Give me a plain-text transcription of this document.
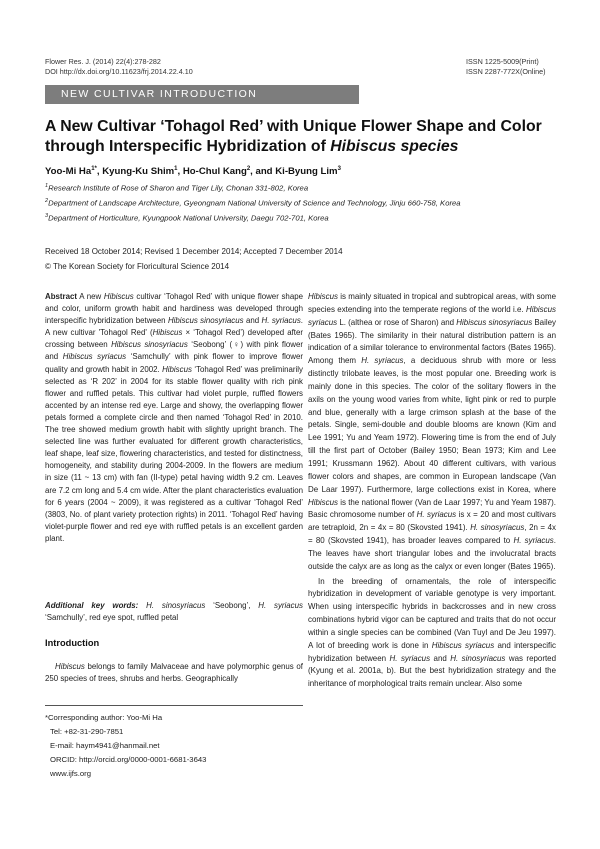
Flower Res. J. (2014) 22(4):278-282
DOI http://dx.doi.org/10.11623/frj.2014.22.4.10
ISSN 1225-5009(Print)
ISSN 2287-772X(Online)
NEW CULTIVAR INTRODUCTION
A New Cultivar ‘Tohagol Red’ with Unique Flower Shape and Color
through Interspecific Hybridization of Hibiscus species
Yoo-Mi $Ha^{1*}$, Kyung-Ku Shim$^1$, Ho-Chul Kang$^2$, and Ki-Byung Lim$^3$
$^1$Research Institute of Rose of Sharon and Tiger Lily, Chonan 331-802, Korea
$^2$Department of Landscape Architecture, Gyeongnam National University of Science and Technology, Jinju 660-758, Korea
$^3$Department of Horticulture, Kyungpook National University, Daegu 702-701, Korea
Received 18 October 2014; Revised 1 December 2014; Accepted 7 December 2014
© The Korean Society for Floricultural Science 2014

Abstract A new Hibiscus cultivar ‘Tohagol Red’ with unique flower shape and color, uniform growth habit and hardiness was developed through interspecific hybridization between Hibiscus sinosyriacus and H. syriacus. A new cultivar 'Tohagol Red' (Hibiscus × ‘Tohagol Red’) developed after crossing between Hibiscus sinosyriacus ‘Seobong’ (♀) with pink flower and Hibiscus syriacus ‘Samchully’ with pink flower to improve flower quality and growth habit in 2002. Hibiscus ‘Tohagol Red’ was preliminarily selected as ‘R 202’ in 2004 for its stable flower quality with rich pink flower and ruffled petals. This cultivar had violet purple, ruffled flowers accented by an intense red eye. Large and showy, the overlapping flower petals formed a complete circle and then named ‘Tohagol Red’ in 2010. The tree showed medium growth habit with slightly upright branch. The selected line was further evaluated for different growth characteristics, leaf shape, leaf size, flowering characteristics, and tested for distinctness, homogeneity, and stability during 2004-2009. In the flowers are medium in size (11 ~ 13 cm) with fan (II-type) petal having width 9.2 cm. Leaves are 7.2 cm long and 5.4 cm wide. After the plant characteristics evaluation for 6 years (2004 ~ 2009), it was registered as a cultivar ‘Tohagol Red’ (3803, No. of plant variety protection rights) in 2011. ‘Tohagol Red’ having violet-purple flower and red eye with ruffled petals is an excellent garden plant.

Additional key words: H. sinosyriacus ‘Seobong’, H. syriacus ‘Samchully’, red eye spot, ruffled petal

Introduction

Hibiscus belongs to family Malvaceae and have polymorphic genus of 250 species of trees, shrubs and herbs. Geographically

*Corresponding author: Yoo-Mi Ha
Tel: +82-31-290-7851
E-mail: haym4941@hanmail.net
ORCID: http://orcid.org/0000-0001-6681-3643
www.ijfs.org

Hibiscus is mainly situated in tropical and subtropical areas, with some species extending into the temperate regions of the world i.e. Hibiscus syriacus L. (althea or rose of Sharon) and Hibiscus sinosyriacus Bailey (Bates 1965). The similarity in their natural distribution pattern is an indication of a similar tolerance to environmental factors (Bates 1965). Among them H. syriacus, a deciduous shrub with more or less distinctly trilobate leaves, is the most popular one. Breeding work is mainly done in this species. The color of the solitary flowers in the axils on the young wood varies from white, light pink or red to purple and blue, generally with a large crimson splash at the base of the petals. Single, semi-double and double blooms are known (Kim and Lee 1991; Yu and Yeam 1972). Flowering time is from the end of July till the first part of October (Bailey 1950; Bean 1973; Kim and Lee 1991; Krussmann 1962). About 40 different cultivars, with various flower colors and shapes, are common in European landscape (Van De Laar 1997). Furthermore, large collections exist in Korea, where Hibiscus is the national flower (Van de Laar 1997; Yu and Yeam 1987). Basic chromosome number of H. syriacus is x = 20 and most cultivars are tetraploid, 2n = 4x = 80 (Skovsted 1941). H. sinosyriacus, 2n = 4x = 80 (Skovsted 1941), has broader leaves compared to H. syriacus. The leaves have short triangular lobes and the involucratal bracts outside the calyx are as long as the calyx or even longer (Bates 1965).

In the breeding of ornamentals, the role of interspecific hybridization in development of variable genotype is very important. When using interspecific hybrids in backcrosses and in new cross combinations hybrid vigor can be captured and traits that do not occur within a single species can be combined (Van Tuyl and De Jeu 1997). A lot of breeding work is done in Hibiscus syriacus and interspecific hybridization between H. syriacus and H. sinosyriacus was reported (Kyung et al. 2001a, b). But the best hybridization strategy and the inheritance of morphological traits remain unclear. Also some
